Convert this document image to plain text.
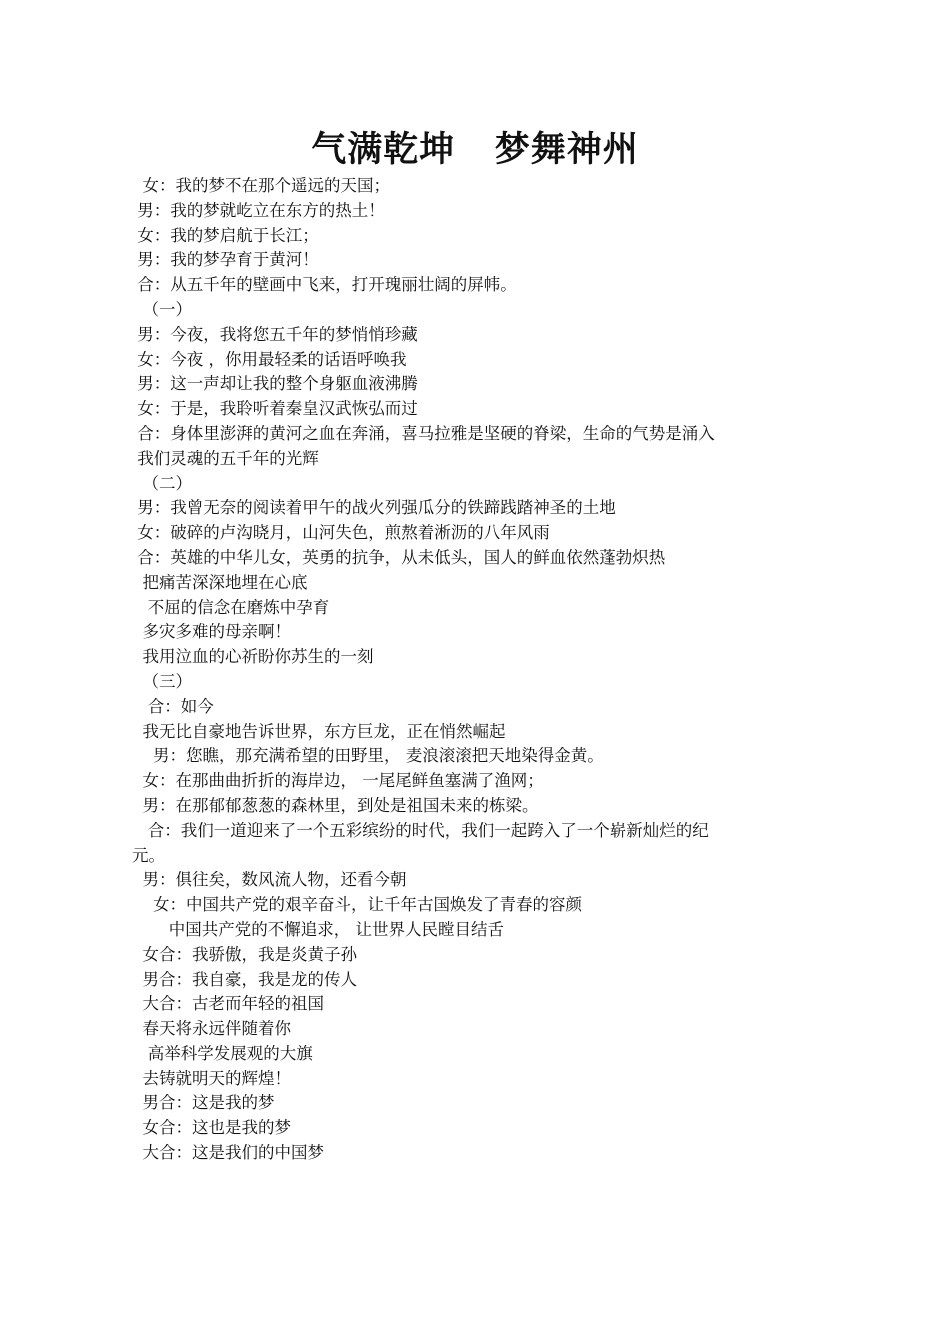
气满乾坤   梦舞神州
女：我的梦不在那个遥远的天国；
男：我的梦就屹立在东方的热土！
女：我的梦启航于长江；
男：我的梦孕育于黄河！
合：从五千年的壁画中飞来，打开瑰丽壮阔的屏帏。
（一）
男：今夜，我将您五千年的梦悄悄珍藏
女：今夜 ，你用最轻柔的话语呼唤我
男：这一声却让我的整个身躯血液沸腾
女：于是，我聆听着秦皇汉武恢弘而过
合：身体里澎湃的黄河之血在奔涌，喜马拉雅是坚硬的脊梁，生命的气势是涌入
我们灵魂的五千年的光辉
（二）
男：我曾无奈的阅读着甲午的战火列强瓜分的铁蹄践踏神圣的土地
女：破碎的卢沟晓月，山河失色，煎熬着淅沥的八年风雨
合：英雄的中华儿女，英勇的抗争，从未低头，国人的鲜血依然蓬勃炽热
把痛苦深深地埋在心底
不屈的信念在磨炼中孕育
多灾多难的母亲啊！
我用泣血的心祈盼你苏生的一刻
（三）
合：如今
我无比自豪地告诉世界，东方巨龙，正在悄然崛起
男：您瞧，那充满希望的田野里， 麦浪滚滚把天地染得金黄。
女：在那曲曲折折的海岸边， 一尾尾鲜鱼塞满了渔网；
男：在那郁郁葱葱的森林里，到处是祖国未来的栋梁。
合：我们一道迎来了一个五彩缤纷的时代，我们一起跨入了一个崭新灿烂的纪
元。
男：俱往矣，数风流人物，还看今朝
女：中国共产党的艰辛奋斗，让千年古国焕发了青春的容颜
中国共产党的不懈追求， 让世界人民瞠目结舌
女合：我骄傲，我是炎黄子孙
男合：我自豪，我是龙的传人
大合：古老而年轻的祖国
春天将永远伴随着你
高举科学发展观的大旗
去铸就明天的辉煌！
男合：这是我的梦
女合：这也是我的梦
大合：这是我们的中国梦
